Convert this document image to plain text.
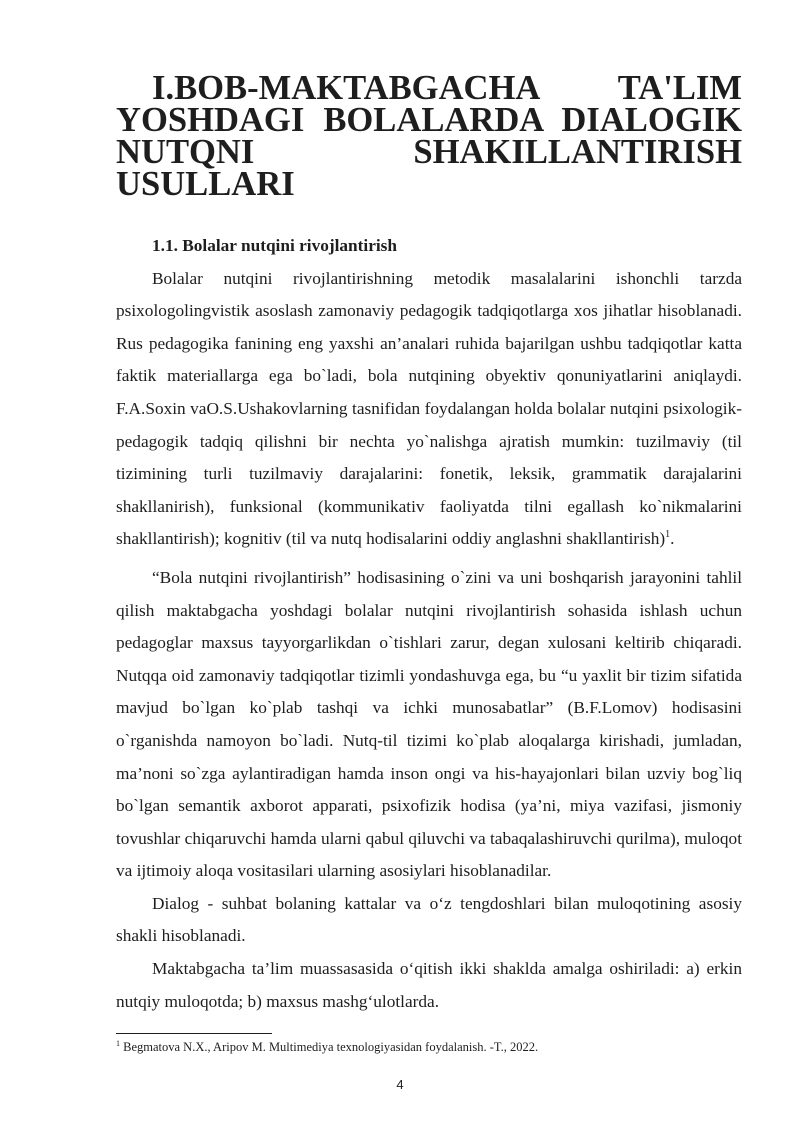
I.BOB-MAKTABGACHA TA'LIM YOSHDAGI BOLALARDA DIALOGIK NUTQNI SHAKILLANTIRISH USULLARI
1.1. Bolalar nutqini rivojlantirish

Bolalar nutqini rivojlantirishning metodik masalalarini ishonchli tarzda psixologolingvistik asoslash zamonaviy pedagogik tadqiqotlarga xos jihatlar hisoblanadi. Rus pedagogika fanining eng yaxshi an’analari ruhida bajarilgan ushbu tadqiqotlar katta faktik materiallarga ega bo`ladi, bola nutqining obyektiv qonuniyatlarini aniqlaydi. F.A.Soxin vaO.S.Ushakovlarning tasnifidan foydalangan holda bolalar nutqini psixologik-pedagogik tadqiq qilishni bir nechta yo`nalishga ajratish mumkin: tuzilmaviy (til tizimining turli tuzilmaviy darajalarini: fonetik, leksik, grammatik darajalarini shakllanirish), funksional (kommunikativ faoliyatda tilni egallash ko`nikmalarini shakllantirish); kognitiv (til va nutq hodisalarini oddiy anglashni shakllantirish)$^1$.

“Bola nutqini rivojlantirish” hodisasining o`zini va uni boshqarish jarayonini tahlil qilish maktabgacha yoshdagi bolalar nutqini rivojlantirish sohasida ishlash uchun pedagoglar maxsus tayyorgarlikdan o`tishlari zarur, degan xulosani keltirib chiqaradi. Nutqqa oid zamonaviy tadqiqotlar tizimli yondashuvga ega, bu “u yaxlit bir tizim sifatida mavjud bo`lgan ko`plab tashqi va ichki munosabatlar” (B.F.Lomov) hodisasini o`rganishda namoyon bo`ladi. Nutq-til tizimi ko`plab aloqalarga kirishadi, jumladan, ma’noni so`zga aylantiradigan hamda inson ongi va his-hayajonlari bilan uzviy bog`liq bo`lgan semantik axborot apparati, psixofizik hodisa (ya’ni, miya vazifasi, jismoniy tovushlar chiqaruvchi hamda ularni qabul qiluvchi va tabaqalashiruvchi qurilma), muloqot va ijtimoiy aloqa vositasilari ularning asosiylari hisoblanadilar.

Dialog - suhbat bolaning kattalar va o‘z tengdoshlari bilan muloqotining asosiy shakli hisoblanadi.

Maktabgacha ta’lim muassasasida o‘qitish ikki shaklda amalga oshiriladi: a) erkin nutqiy muloqotda; b) maxsus mashg‘ulotlarda.

$^1$ Begmatova N.X., Aripov M. Multimediya texnologiyasidan foydalanish. -T., 2022.
4
